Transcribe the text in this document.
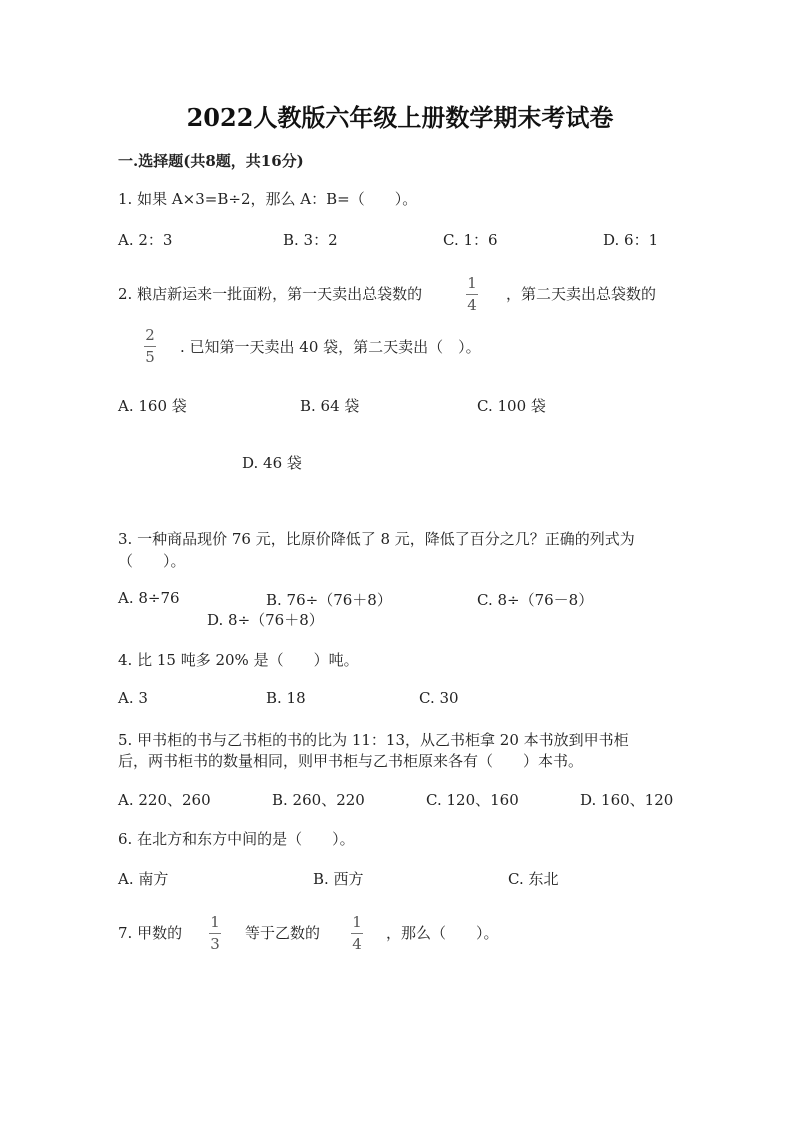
2022人教版六年级上册数学期末考试卷
一.选择题(共8题，共16分)
1. 如果 A×3=B÷2，那么 A：B=（　　）。
A. 2：3	B. 3：2	C. 1：6	D. 6：1
2. 粮店新运来一批面粉，第一天卖出总袋数的
1
4
，第二天卖出总袋数的
2
5
. 已知第一天卖出 40 袋，第二天卖出（　）。
A. 160 袋	B. 64 袋	C. 100 袋
D. 46 袋
3. 一种商品现价 76 元，比原价降低了 8 元，降低了百分之几？正确的列式为
（　　）。
A. 8÷76	B. 76÷（76＋8）	C. 8÷（76－8）
D. 8÷（76＋8）
4. 比 15 吨多 20% 是（　　）吨。
A. 3	B. 18	C. 30
5. 甲书柜的书与乙书柜的书的比为 11：13，从乙书柜拿 20 本书放到甲书柜
后，两书柜书的数量相同，则甲书柜与乙书柜原来各有（　　）本书。
A. 220、260	B. 260、220	C. 120、160	D. 160、120
6. 在北方和东方中间的是（　　）。
A. 南方	B. 西方	C. 东北
7. 甲数的
1
3
等于乙数的
1
4
，那么（　　）。
